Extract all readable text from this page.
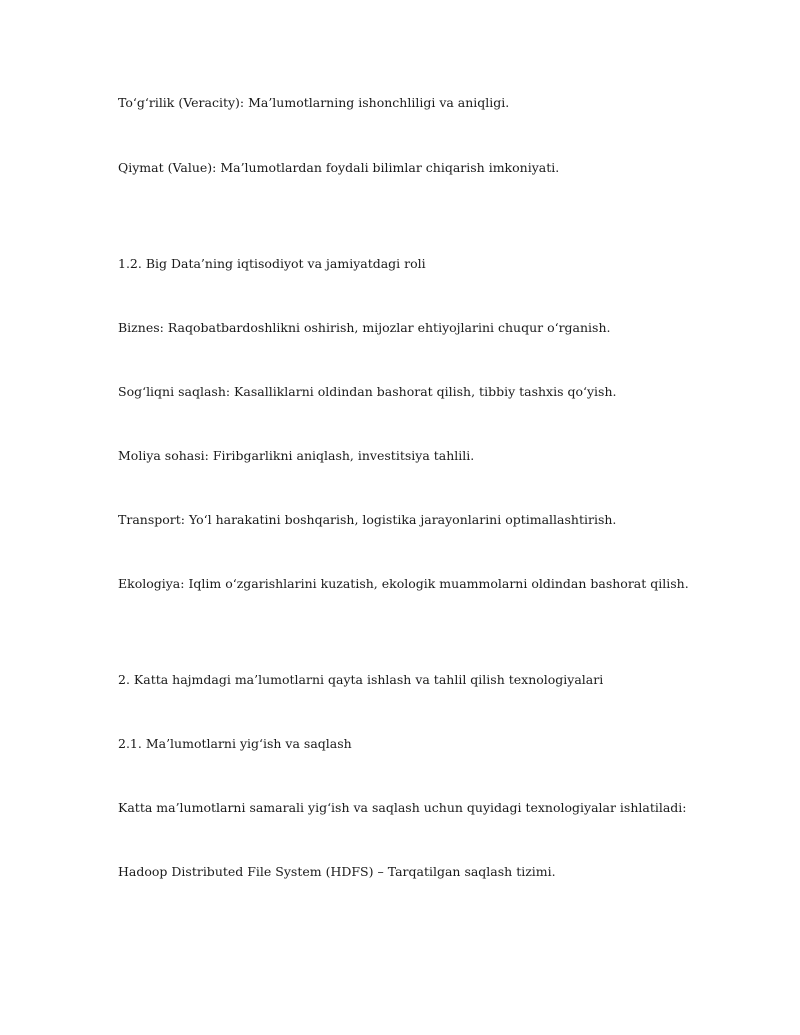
To‘g‘rilik (Veracity): Ma’lumotlarning ishonchliligi va aniqligi.

Qiymat (Value): Ma’lumotlardan foydali bilimlar chiqarish imkoniyati.

1.2. Big Data’ning iqtisodiyot va jamiyatdagi roli

Biznes: Raqobatbardoshlikni oshirish, mijozlar ehtiyojlarini chuqur o‘rganish.

Sog‘liqni saqlash: Kasalliklarni oldindan bashorat qilish, tibbiy tashxis qo‘yish.

Moliya sohasi: Firibgarlikni aniqlash, investitsiya tahlili.

Transport: Yo‘l harakatini boshqarish, logistika jarayonlarini optimallashtirish.

Ekologiya: Iqlim o‘zgarishlarini kuzatish, ekologik muammolarni oldindan bashorat qilish.

2. Katta hajmdagi ma’lumotlarni qayta ishlash va tahlil qilish texnologiyalari

2.1. Ma’lumotlarni yig‘ish va saqlash

Katta ma’lumotlarni samarali yig‘ish va saqlash uchun quyidagi texnologiyalar ishlatiladi:

Hadoop Distributed File System (HDFS) – Tarqatilgan saqlash tizimi.
